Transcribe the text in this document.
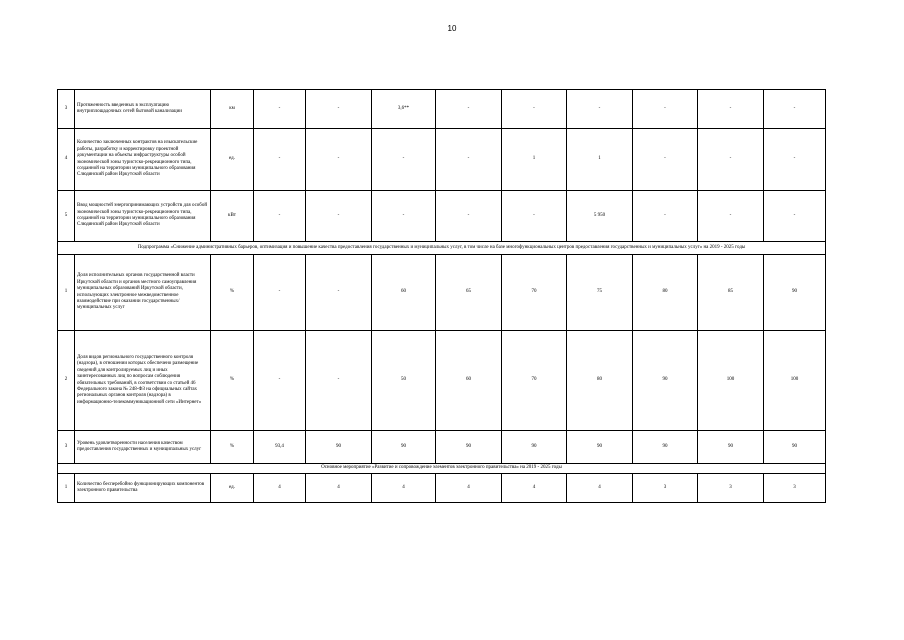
10
3	Протяженность введенных в эксплуатацию внутриплощадочных сетей бытовой канализации	км	-	-	3,6**	-	-	-	-	-	-
4	Количество заключенных контрактов на изыскательские работы, разработку и корректировку проектной документации на объекты инфраструктуры особой экономической зоны туристско-рекреационного типа, созданной на территории муниципального образования Слюдянский район Иркутской области	ед.	-	-	-	-	1	1	-	-	-
5	Ввод мощностей энергопринимающих устройств для особой экономической зоны туристско-рекреационного типа, созданной на территории муниципального образования Слюдянский район Иркутской области	кВт	-	-	-	-	-	5 950	-	-	-
Подпрограмма «Снижение административных барьеров, оптимизация и повышение качества предоставления государственных и муниципальных услуг, в том числе на базе многофункциональных центров предоставления государственных и муниципальных услуг» на 2019 - 2025 годы											
1	Доля исполнительных органов государственной власти Иркутской области и органов местного самоуправления муниципальных образований Иркутской области, использующих электронное межведомственное взаимодействие при оказании государственных/муниципальных услуг	%	-	-	60	65	70	75	80	85	90
2	Доля видов регионального государственного контроля (надзора), в отношении которых обеспечено размещение сведений для контролируемых лиц и иных заинтересованных лиц по вопросам соблюдения обязательных требований, в соответствии со статьей 46 Федерального закона № 248-ФЗ на официальных сайтах региональных органов контроля (надзора) в информационно-телекоммуникационной сети «Интернет»	%	-	-	50	60	70	80	90	100	100
3	Уровень удовлетворенности населения качеством предоставления государственных и муниципальных услуг	%	93,4	90	90	90	90	90	90	90	90
Основное мероприятие «Развитие и сопровождение элементов электронного правительства» на 2019 - 2025 годы											
1	Количество бесперебойно функционирующих компонентов электронного правительства	ед.	4	4	4	4	4	4	3	3	3
